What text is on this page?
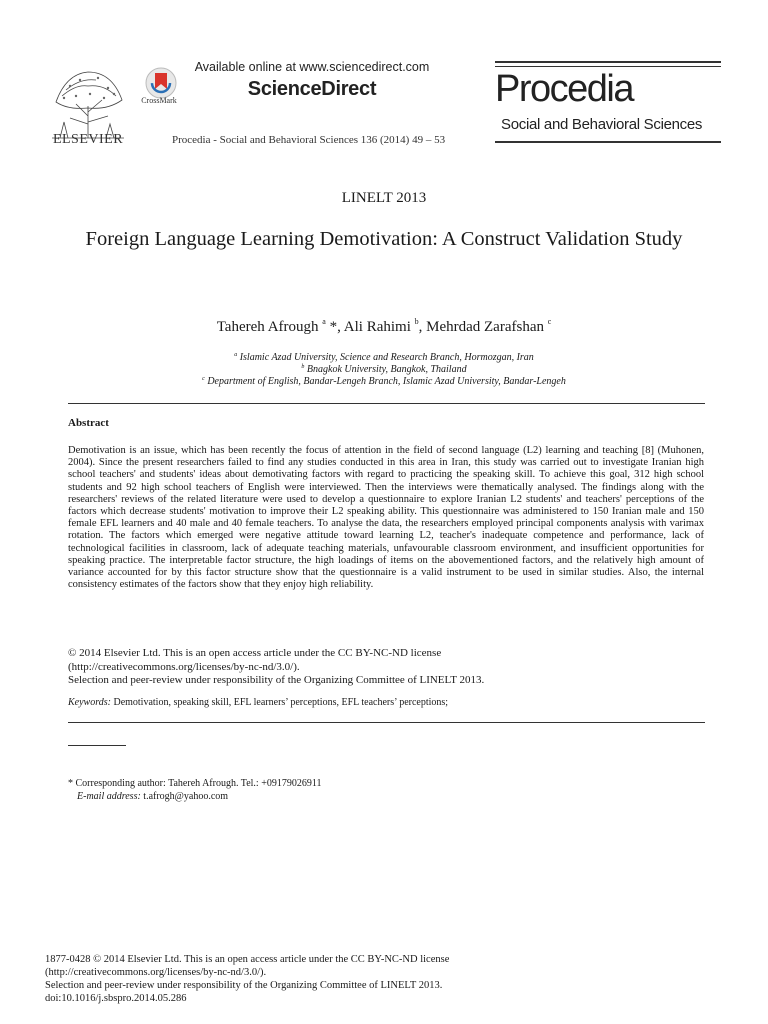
ELSEVIER
CrossMark
Available online at www.sciencedirect.com
ScienceDirect
Procedia - Social and Behavioral Sciences 136 (2014) 49 – 53
Procedia
Social and Behavioral Sciences
LINELT 2013
Foreign Language Learning Demotivation: A Construct Validation Study
Tahereh Afrough $^a$ *, Ali Rahimi $^b$, Mehrdad Zarafshan $^c$
$^a$ Islamic Azad University, Science and Research Branch, Hormozgan, Iran
$^b$ Bnagkok University, Bangkok, Thailand
$^c$ Department of English, Bandar-Lengeh Branch, Islamic Azad University, Bandar-Lengeh
Abstract
Demotivation is an issue, which has been recently the focus of attention in the field of second language (L2) learning and teaching [8] (Muhonen, 2004). Since the present researchers failed to find any studies conducted in this area in Iran, this study was carried out to investigate Iranian high school teachers' and students' ideas about demotivating factors with regard to practicing the speaking skill. To achieve this goal, 312 high school students and 92 high school teachers of English were interviewed. Then the interviews were thematically analysed. The findings along with the researchers' reviews of the related literature were used to develop a questionnaire to explore Iranian L2 students' and teachers' perceptions of the factors which decrease students' motivation to improve their L2 speaking ability. This questionnaire was administered to 150 Iranian male and 150 female EFL learners and 40 male and 40 female teachers. To analyse the data, the researchers employed principal components analysis with varimax rotation. The factors which emerged were negative attitude toward learning L2, teacher's inadequate competence and performance, lack of technological facilities in classroom, lack of adequate teaching materials, unfavourable classroom environment, and insufficient opportunities for speaking practice. The interpretable factor structure, the high loadings of items on the abovementioned factors, and the relatively high amount of variance accounted for by this factor structure show that the questionnaire is a valid instrument to be used in similar studies. Also, the internal consistency estimates of the factors show that they enjoy high reliability.
© 2014 Elsevier Ltd. This is an open access article under the CC BY-NC-ND license
(http://creativecommons.org/licenses/by-nc-nd/3.0/).
Selection and peer-review under responsibility of the Organizing Committee of LINELT 2013.
Keywords: Demotivation, speaking skill, EFL learners’ perceptions, EFL teachers’ perceptions;
* Corresponding author: Tahereh Afrough. Tel.: +09179026911
E-mail address: t.afrogh@yahoo.com
1877-0428 © 2014 Elsevier Ltd. This is an open access article under the CC BY-NC-ND license
(http://creativecommons.org/licenses/by-nc-nd/3.0/).
Selection and peer-review under responsibility of the Organizing Committee of LINELT 2013.
doi:10.1016/j.sbspro.2014.05.286
